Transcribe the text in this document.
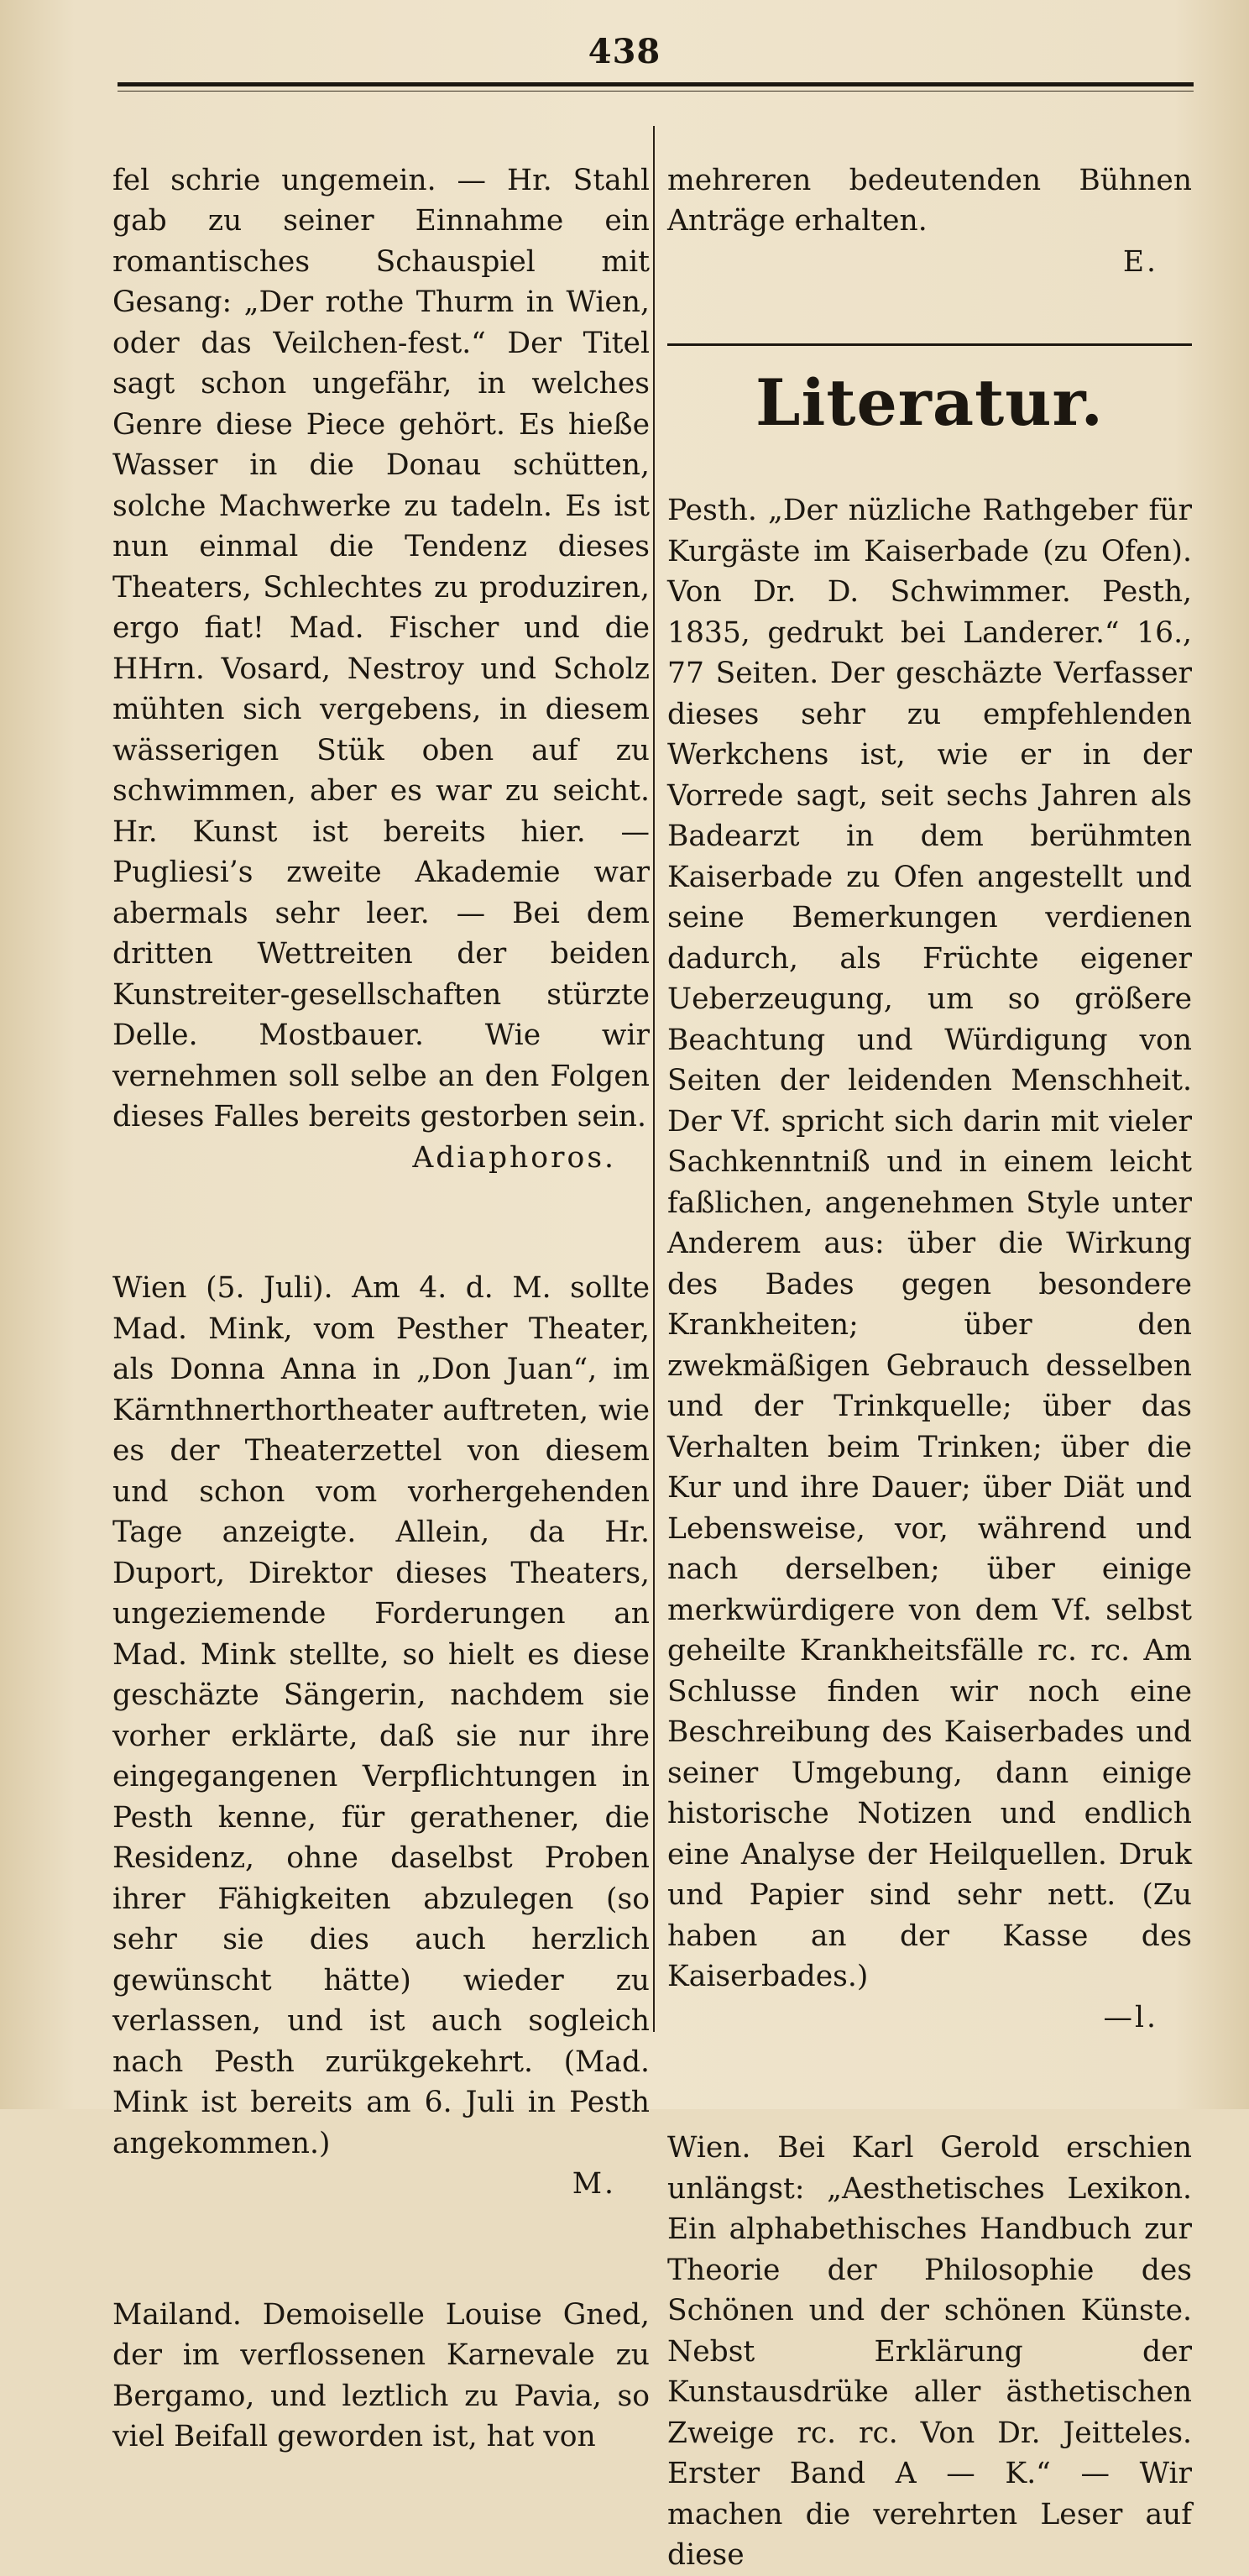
438

fel schrie ungemein. — Hr. Stahl gab zu seiner Einnahme ein romantisches Schauspiel mit Gesang: „Der rothe Thurm in Wien, oder das Veilchen-fest.“ Der Titel sagt schon ungefähr, in welches Genre diese Piece gehört. Es hieße Wasser in die Donau schütten, solche Machwerke zu tadeln. Es ist nun einmal die Tendenz dieses Theaters, Schlechtes zu produziren, ergo fiat! Mad. Fischer und die HHrn. Vosard, Nestroy und Scholz mühten sich vergebens, in diesem wässerigen Stük oben auf zu schwimmen, aber es war zu seicht. Hr. Kunst ist bereits hier. — Pugliesi’s zweite Akademie war abermals sehr leer. — Bei dem dritten Wettreiten der beiden Kunstreiter-gesellschaften stürzte Delle. Mostbauer. Wie wir vernehmen soll selbe an den Folgen dieses Falles bereits gestorben sein.

Adiaphoros.

Wien (5. Juli). Am 4. d. M. sollte Mad. Mink, vom Pesther Theater, als Donna Anna in „Don Juan“, im Kärnthnerthortheater auftreten, wie es der Theaterzettel von diesem und schon vom vorhergehenden Tage anzeigte. Allein, da Hr. Duport, Direktor dieses Theaters, ungeziemende Forderungen an Mad. Mink stellte, so hielt es diese geschäzte Sängerin, nachdem sie vorher erklärte, daß sie nur ihre eingegangenen Verpflichtungen in Pesth kenne, für gerathener, die Residenz, ohne daselbst Proben ihrer Fähigkeiten abzulegen (so sehr sie dies auch herzlich gewünscht hätte) wieder zu verlassen, und ist auch sogleich nach Pesth zurükgekehrt. (Mad. Mink ist bereits am 6. Juli in Pesth angekommen.)

M.

Mailand. Demoiselle Louise Gned, der im verflossenen Karnevale zu Bergamo, und leztlich zu Pavia, so viel Beifall geworden ist, hat von

mehreren bedeutenden Bühnen Anträge erhalten.

E.

Literatur.

Pesth. „Der nüzliche Rathgeber für Kurgäste im Kaiserbade (zu Ofen). Von Dr. D. Schwimmer. Pesth, 1835, gedrukt bei Landerer.“ 16., 77 Seiten. Der geschäzte Verfasser dieses sehr zu empfehlenden Werkchens ist, wie er in der Vorrede sagt, seit sechs Jahren als Badearzt in dem berühmten Kaiserbade zu Ofen angestellt und seine Bemerkungen verdienen dadurch, als Früchte eigener Ueberzeugung, um so größere Beachtung und Würdigung von Seiten der leidenden Menschheit. Der Vf. spricht sich darin mit vieler Sachkenntniß und in einem leicht faßlichen, angenehmen Style unter Anderem aus: über die Wirkung des Bades gegen besondere Krankheiten; über den zwekmäßigen Gebrauch desselben und der Trinkquelle; über das Verhalten beim Trinken; über die Kur und ihre Dauer; über Diät und Lebensweise, vor, während und nach derselben; über einige merkwürdigere von dem Vf. selbst geheilte Krankheitsfälle rc. rc. Am Schlusse finden wir noch eine Beschreibung des Kaiserbades und seiner Umgebung, dann einige historische Notizen und endlich eine Analyse der Heilquellen. Druk und Papier sind sehr nett. (Zu haben an der Kasse des Kaiserbades.)

—l.

Wien. Bei Karl Gerold erschien unlängst: „Aesthetisches Lexikon. Ein alphabethisches Handbuch zur Theorie der Philosophie des Schönen und der schönen Künste. Nebst Erklärung der Kunstausdrüke aller ästhetischen Zweige rc. rc. Von Dr. Jeitteles. Erster Band A — K.“ — Wir machen die verehrten Leser auf diese
